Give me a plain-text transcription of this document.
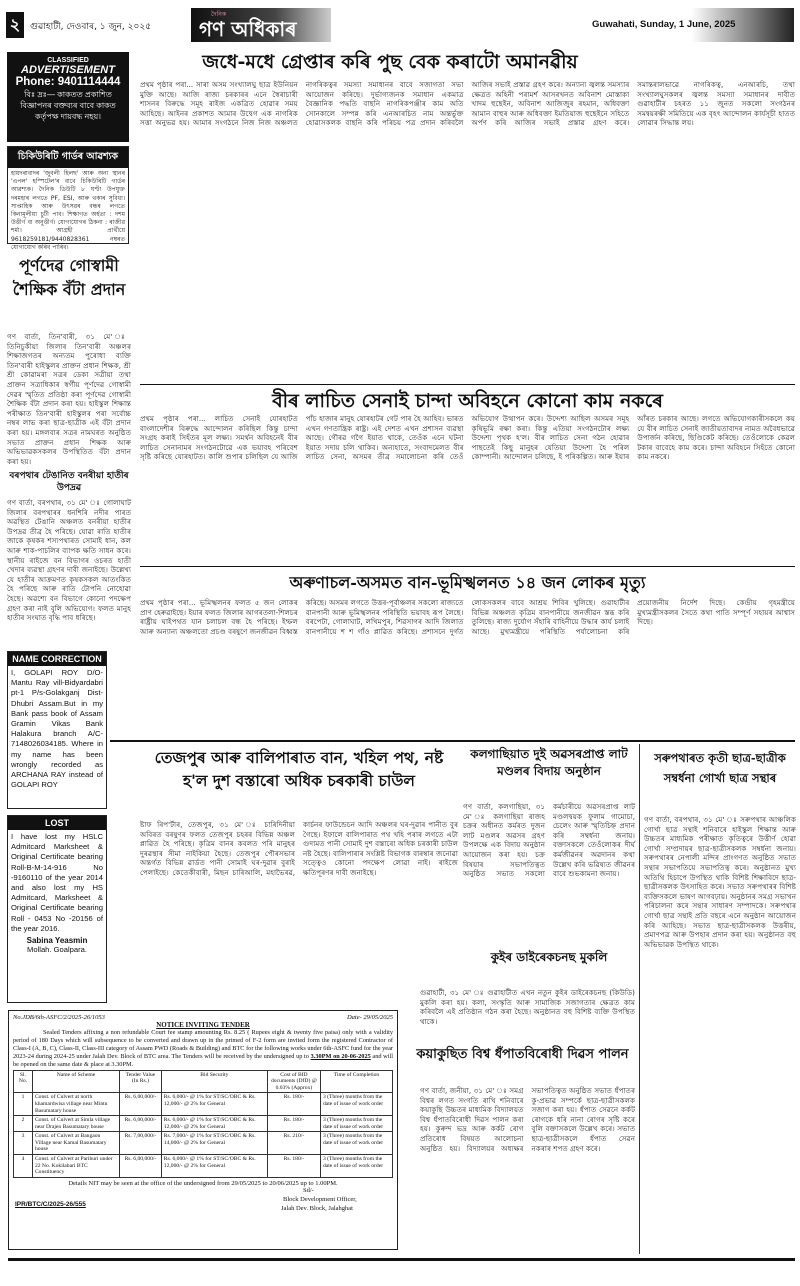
২	গুৱাহাটী, দেওবাৰ, ১ জুন, ২০২৫
দৈনিক
গণ অধিকাৰ	Guwahati, Sunday, 1 June, 2025
CLASSIFIED
ADVERTISEMENT
Phone: 9401114444
বিঃ দ্ৰঃ— কাকতত প্ৰকাশিত বিজ্ঞাপনৰ বক্তব্যৰ বাবে কাকত কৰ্তৃপক্ষ দায়বদ্ধ নহয়।
চিকিউৰিটি গাৰ্ডৰ আৱশ্যক
হায়দৰাবাদৰ 'জুবলী হিলছ' আৰু অন্য স্থানৰ 'এপল' হস্পিটেল'ৰ বাবে চিকিউৰিটি গাৰ্ডৰ আৱশ্যক। দৈনিক ডিউটি ৮ ঘণ্টা উপযুক্ত দৰমহাৰ লগতে PF, ESI, আৰু থকাৰ সুবিধা। সাপ্তাহিক আৰু উৎসৱৰ বন্ধৰ লগতে কিনামূলীয়া চুটী পাব। শিক্ষাগত অৰ্হতা : দশম উত্তীৰ্ণ বা অনুত্তীৰ্ণ। যোগাযোগৰ ঠিকনা : ৰাজীৱ শৰ্মা। আগ্ৰহী প্ৰাৰ্থীয়ে 9618259181/9440828361 নম্বৰত যোগাযোগ কৰিব পাৰিব।
পূৰ্ণদেৱ গোস্বামী শৈক্ষিক বঁটা প্ৰদান
গণ বাৰ্তা, তিন'বাৰী, ৩১ মে' ঃ তিনিচুকীয়া জিলাৰ তিন'বাৰী অঞ্চলৰ শিক্ষাজগতৰ অন্যতম পুৰোধা ব্যক্তি তিন'বাৰী হাইস্কুলৰ প্ৰাক্তন প্ৰধান শিক্ষক, শ্ৰী শ্ৰী কোৱামৰা সত্ৰৰ ডেকা সত্ৰীয়া তথা প্ৰাক্তন সত্ৰাধিকাৰ স্বৰ্গীয় পূৰ্ণদেৱ গোস্বামী দেৱৰ স্মৃতিত প্ৰতিষ্ঠা কৰা পূৰ্ণদেৱ গোস্বামী শৈক্ষিক বঁটা প্ৰদান কৰা হয়। হাইস্কুল শিক্ষান্ত পৰীক্ষাত তিন'বাৰী হাইস্কুলৰ পৰা সৰ্বোচ্চ নম্বৰ লাভ কৰা ছাত্ৰ-ছাত্ৰীক এই বঁটা প্ৰদান কৰা হয়। মঙ্গলবাৰ সত্ৰৰ নামঘৰত অনুষ্ঠিত সভাত প্ৰাক্তন প্ৰধান শিক্ষক আৰু অভিভাৱকসকলৰ উপস্থিতিত বঁটা প্ৰদান কৰা হয়।
বৰপথাৰ টেঙানিত বনৰীয়া হাতীৰ উপদ্ৰৱ
গণ বাৰ্তা, বৰপথাৰ, ৩১ মে' ঃ গোলাঘাট জিলাৰ বৰপথাৰৰ ধনশিৰি নদীৰ পাৰত অৱস্থিত টেঙানি অঞ্চলত বনৰীয়া হাতীৰ উপদ্ৰৱ তীব্ৰ হৈ পৰিছে। যোৱা ৰাতি হাতীৰ জাকে কৃষকৰ শস্যপথাৰত সোমাই ধান, কল আৰু শাক-পাচলিৰ ব্যাপক ক্ষতি সাধন কৰে। স্থানীয় ৰাইজে বন বিভাগৰ ওচৰত হাতী খেদাৰ ব্যৱস্থা গ্ৰহণৰ দাবী জনাইছে। উল্লেখ্য যে হাতীৰ আক্ৰমণত কৃষকসকল আতংকিত হৈ পৰিছে আৰু ৰাতি টোপনি নোহোৱা হৈছে। অৱশ্যে বন বিভাগে কোনো পদক্ষেপ গ্ৰহণ কৰা নাই বুলি অভিযোগ। ফলত মানুহ হাতীৰ সংঘাত বৃদ্ধি পাব ধৰিছে।
NAME CORRECTION
I, GOLAPI ROY D/O-Mantu Ray vill-Bidyardabri pt-1 P/s-Golakganj Dist-Dhubri Assam.But in my Bank pass book of Assam Gramin Vikas Bank Halakura branch A/C-7148026034185. Where in my name has been wrongly recorded as ARCHANA RAY instead of GOLAPI ROY
LOST
I have lost my HSLC Admitcard Marksheet & Original Certificate bearing Roll-B-M-14-916 No -9160110 of the year 2014 and also lost my HS Admitcard, Marksheet & Original Certificate bearing Roll - 0453 No -20156 of the year 2016.
Sabina Yeasmin
Mollah. Goalpara.
জধে-মধে গ্ৰেপ্তাৰ কৰি পুছ বেক কৰাটো অমানৱীয়
প্ৰথম পৃষ্ঠাৰ পৰা... সাৰা অসম সংখ্যালঘু ছাত্ৰ ইউনিয়ন মুক্তি আছে। আজি ৰাজ্য চৰকাৰৰ এনে স্বৈৰাচাৰী শাসনৰ বিৰুদ্ধে সমূহ ৰাইজ একত্ৰিত হোৱাৰ সময় আহিছে। আইনৰ প্ৰকাশত আমাৰ উদ্বেগ এক নাগৰিক সত্তা অনুভৱ হয়। আমাৰ সংগঠনে নিজ নিজ অঞ্চলত নাগৰিকত্বৰ সমস্যা সমাধানৰ বাবে সজাগতা সভা আয়োজন কৰিছে। দুৰ্ভাগ্যজনক সমাধান একমাত্ৰ বৈজ্ঞানিক পদ্ধতি বাছনি নাগৰিকপঞ্জীৰ কাম অতি সোনকালে সম্পন্ন কৰি এনআৰচিত নাম অন্তৰ্ভুক্ত হোৱাসকলক বাছনি কৰি পৰিচয় পত্ৰ প্ৰদান কৰিবলৈ আজিৰ সভাই প্ৰস্তাৱ গ্ৰহণ কৰে। অন্যান্য জ্বলন্ত সমস্যাৰ ক্ষেত্ৰত অহিনী পৰামৰ্শ আসৰখনত অবিনাশ মোস্তাকা খাদম হুছেইন, অবিনাশ আজিজুৰ ৰহমান, অধিবক্তা আমান বাহুৰ আৰু অধিবক্তা ইমতিয়াজ হুছেইনে সহিতে অৰ্পণ কৰি আজিৰ সভাই প্ৰস্তাৱ গ্ৰহণ কৰে। সমান্তৰালভাৱে নাগৰিকত্ব, এনআৰচি, তথা সংখ্যালঘুসকলৰ জ্বলন্ত সমস্যা সমাধানৰ দাবীত গুৱাহাটীৰ চহৰত ১১ জুনত সকলো সংগঠনৰ সমন্বয়ৰক্ষী সমিতিয়ে এক বৃহৎ আন্দোলন কাৰ্যসূচী হাতত লোৱাৰ সিদ্ধান্ত লয়।
বীৰ লাচিত সেনাই চান্দা অবিহনে কোনো কাম নকৰে
প্ৰথম পৃষ্ঠাৰ পৰা... লাচিত সেনাই যোৰহাটত বাংলাদেশীৰ বিৰুদ্ধে আন্দোলন কৰিছিল কিন্তু চান্দা সংগ্ৰহ কৰাই সিহঁতৰ মূল লক্ষ্য। সমৰ্থন অবিহনেই বীৰ লাচিত সেনানামৰ সংগঠনটোৱে এক ভয়াবহ পৰিবেশ সৃষ্টি কৰিছে যোৰহাটত। কালি শুপাৰ চলিছিল যে আজি পাঁচ হাজাৰ মানুহ যোৰহাটৰ গেট পাৰ হৈ আহিব। ভাৰত এখন গণতান্ত্ৰিক ৰাষ্ট্ৰ। এই দেশত এখন প্ৰশাসন ব্যৱস্থা আছে। গৌৰৱ গগৈ ইয়াত থাকে, তেওঁক এনে ঘটনা ইয়াত সদায় চলি থাকিব। অন্যহাতে, সংবাদমেলত বীৰ লাচিত সেনা, অসমৰ তীব্ৰ সমালোচনা কৰি তেওঁ অভিযোগ উত্থাপন কৰে। উদ্দেশ্য আছিল অসমৰ সমূহ কৃষিভূমি ৰক্ষা কৰা। কিন্তু এতিয়া সংগঠনটোৰ লক্ষ্য উদ্দেশ্য পৃথক হ'ল। বীৰ লাচিত সেনা গঠন হোৱাৰ পাছতেই কিছু মানুহৰ যেতিয়া উদ্দেশ্য হৈ পৰিল কোম্পানী। আন্দোলন চলিছে, ই পৰিকল্পিত। আৰু ইয়াৰ আঁৰত চৰকাৰ আছে। লগতে অভিযোগকাৰীসকলে কয় যে বীৰ লাচিত সেনাই জাতীয়তাবাদৰ নামত অবৈধভাৱে উপাৰ্জন কৰিছে, ছিণ্ডিকেট কৰিছে। তেওঁলোকে কেৱল টকাৰ বাবেহে কাম কৰে। চান্দা অবিহনে সিহঁতে কোনো কাম নকৰে।
অৰুণাচল-অসমত বান-ভূমিস্খলনত ১৪ জন লোকৰ মৃত্যু
প্ৰথম পৃষ্ঠাৰ পৰা... ভূমিস্খলনৰ ফলত ৫ জন লোকৰ প্ৰাণ হেৰুৱাইছে। ইয়াৰ ফলত জিলাৰ আগৰতলা-শিলচৰ ৰাষ্ট্ৰীয় ঘাইপথত যান চলাচল বন্ধ হৈ পৰিছে। ইম্ফল আৰু অন্যান্য অঞ্চলতো প্ৰচণ্ড বৰষুণে জনজীৱন বিধ্বস্ত কৰিছে। অসমৰ লগতে উত্তৰ-পূৰ্বাঞ্চলৰ সকলো ৰাজ্যতে বানপানী আৰু ভূমিস্খলনৰ পৰিস্থিতি ভয়াবহ ৰূপ লৈছে। বৰপেটা, গোলাঘাট, লখিমপুৰ, শিৱসাগৰ আদি জিলাত বানপানীয়ে শ শ গাঁও প্লাৱিত কৰিছে। প্ৰশাসনে দুৰ্গত লোকসকলৰ বাবে আশ্ৰয় শিবিৰ খুলিছে। গুৱাহাটীৰ বিভিন্ন অঞ্চলত কৃত্ৰিম বানপানীয়ে জনজীৱন স্তব্ধ কৰি তুলিছে। ৰাজ্য দুৰ্যোগ সঁহাৰি বাহিনীয়ে উদ্ধাৰ কাৰ্য চলাই আছে। মুখ্যমন্ত্ৰীয়ে পৰিস্থিতি পৰ্যালোচনা কৰি প্ৰয়োজনীয় নিৰ্দেশ দিছে। কেন্দ্ৰীয় গৃহমন্ত্ৰীয়ে মুখ্যমন্ত্ৰীসকলৰ সৈতে কথা পাতি সম্পূৰ্ণ সহায়ৰ আশ্বাস দিছে।
তেজপুৰ আৰু বালিপাৰাত বান, খহিল পথ, নষ্ট হ'ল দুশ বস্তাৰো অধিক চৰকাৰী চাউল
ষ্টাফ ৰিপ'ৰ্টাৰ, তেজপুৰ, ৩১ মে' ঃ চাৰিদিনীয়া অবিৰত বৰষুণৰ ফলত তেজপুৰ চহৰৰ বিভিন্ন অঞ্চল প্লাৱিত হৈ পৰিছে। কৃত্ৰিম বানৰ কবলত পৰি মানুহৰ দুৰৱস্থাৰ সীমা নাইকিয়া হৈছে। তেজপুৰ পৌৰসভাৰ অন্তৰ্গত বিভিন্ন ৱাৰ্ডত পানী সোমাই ঘৰ-দুৱাৰ বুৰাই পেলাইছে। কেতেকীবাৰী, মিছন চাৰিআলি, মহাভৈৰৱ, কাৰ্চনৰ ফাউন্ডেচন আদি অঞ্চলৰ ঘৰ-দুৱাৰ পানীত বুৰ গৈছে। ইফালে বালিপাৰাত পথ খহি পৰাৰ লগতে এটা গুদামত পানী সোমাই দুশ বস্তাৰো অধিক চৰকাৰী চাউল নষ্ট হৈছে। বালিপাৰাৰ সংশ্লিষ্ট বিভাগক বাৰম্বাৰ জনোৱা সত্ত্বেও কোনো পদক্ষেপ লোৱা নাই। ৰাইজে ক্ষতিপূৰণৰ দাবী জনাইছে।
কলগাছিয়াত দুই অৱসৰপ্ৰাপ্ত লাট মণ্ডলৰ বিদায় অনুষ্ঠান
গণ বাৰ্তা, কলগাছিয়া, ৩১ মে' ঃ কলগাছিয়া ৰাজহ চক্ৰৰ অধীনত কৰ্মৰত দুজন লাট মণ্ডলৰ অৱসৰ গ্ৰহণ উপলক্ষে এক বিদায় অনুষ্ঠান আয়োজন কৰা হয়। চক্ৰ বিষয়াৰ সভাপতিত্বত অনুষ্ঠিত সভাত সকলো কৰ্মচাৰীয়ে অৱসৰপ্ৰাপ্ত লাট মণ্ডলদ্বয়ক ফুলাম গামোচা, চেলেং আৰু স্মৃতিচিহ্ন প্ৰদান কৰি সম্বৰ্ধনা জনায়। বক্তাসকলে তেওঁলোকৰ দীৰ্ঘ কৰ্মজীৱনৰ অৱদানৰ কথা উল্লেখ কৰি ভৱিষ্যত জীৱনৰ বাবে শুভকামনা জনায়।
কুইৰ ডাইৰেকচনছ মুকলি
গুৱাহাটী, ৩১ মে' ঃ গুৱাহাটীত এখন নতুন কুইৰ ডাইৰেকচনছ (কিউডি) মুকলি কৰা হয়। কলা, সংস্কৃতি আৰু সামাজিক সজাগতাৰ ক্ষেত্ৰত কাম কৰিবলৈ এই প্ৰতিষ্ঠান গঠন কৰা হৈছে। অনুষ্ঠানত বহু বিশিষ্ট ব্যক্তি উপস্থিত থাকে।
কয়াকুছিত বিশ্ব ধঁপাতবিৰোধী দিৱস পালন
গণ বাৰ্তা, জনীয়া, ৩১ মে' ঃ সমগ্ৰ বিশ্বৰ লগত সংগতি ৰাখি শনিবাৰে কয়াকুছি উচ্চতৰ মাধ্যমিক বিদ্যালয়ত বিশ্ব ধঁপাতবিৰোধী দিৱস পালন কৰা হয়। কুৰুন্দ ভদ্ৰ আৰু কৰ্কট ৰোগ প্ৰতিৰোধ বিষয়ত আলোচনা অনুষ্ঠিত হয়। বিদ্যালয়ৰ অধ্যক্ষৰ সভাপতিত্বত অনুষ্ঠিত সভাত ধঁপাতৰ কু-প্ৰভাৱ সম্পৰ্কে ছাত্ৰ-ছাত্ৰীসকলক সজাগ কৰা হয়। ধঁপাত সেৱনে কৰ্কট ৰোগকে ধৰি নানা ৰোগৰ সৃষ্টি কৰে বুলি বক্তাসকলে উল্লেখ কৰে। সভাত ছাত্ৰ-ছাত্ৰীসকলে ধঁপাত সেৱন নকৰাৰ শপত গ্ৰহণ কৰে।
সৰুপথাৰত কৃতী ছাত্ৰ-ছাত্ৰীক সম্বৰ্ধনা গোৰ্খা ছাত্ৰ সন্থাৰ
গণ বাৰ্তা, বৰপথাৰ, ৩১ মে' ঃ সৰুপথাৰ আঞ্চলিক গোৰ্খা ছাত্ৰ সন্থাই শনিবাৰে হাইস্কুল শিক্ষান্ত আৰু উচ্চতৰ মাধ্যমিক পৰীক্ষাত কৃতিত্বৰে উত্তীৰ্ণ হোৱা গোৰ্খা সম্প্ৰদায়ৰ ছাত্ৰ-ছাত্ৰীসকলক সম্বৰ্ধনা জনায়। সৰুপথাৰৰ নেপালী মন্দিৰ প্ৰাংগণত অনুষ্ঠিত সভাত সন্থাৰ সভাপতিয়ে সভাপতিত্ব কৰে। অনুষ্ঠানত মুখ্য অতিথি হিচাপে উপস্থিত থাকি বিশিষ্ট শিক্ষাবিদে ছাত্ৰ-ছাত্ৰীসকলক উৎসাহিত কৰে। সভাত সৰুপথাৰৰ বিশিষ্ট ব্যক্তিসকলে ভাষণ আগবঢ়ায়। অনুষ্ঠানৰ সমগ্ৰ সভাখন পৰিচালনা কৰে সন্থাৰ সাধাৰণ সম্পাদকে। সৰুপথাৰ গোৰ্খা ছাত্ৰ সন্থাই প্ৰতি বছৰে এনে অনুষ্ঠান আয়োজন কৰি আহিছে। সভাত ছাত্ৰ-ছাত্ৰীসকলক উত্তৰীয়, প্ৰমাণপত্ৰ আৰু উপহাৰ প্ৰদান কৰা হয়। অনুষ্ঠানত বহু অভিভাৱক উপস্থিত থাকে।
No.JDB/6th-ASFC/2/2025-26/1053	Date- 29/05/2025
NOTICE INVITING TENDER
Sealed Tenders affixing a non refundable Court fee stamp amounting Rs. 8.25 ( Rupees eight & twenty five paisa) only with a validity period of 180 Days which will subsequence to be converted and drawn up in the primed of F-2 form are invited form the registered Contractor of Class-I (A, B, C), Class-II, Class-III category of Assam PWD (Roads & Building) and BTC for the following works under 6th-ASFC fund for the year 2023-24 during 2024-25 under Jalah Dev. Block of BTC area. The Tenders will be received by the undersigned up to 3.30PM on 20-06-2025 and will be opened on the same date & place at 3.30PM.
Sl. No.	Name of Scheme	Tender Value (In Rs.)	Bid Security	Cost of BID documents (DfD) @ 0.03% (Approx)	Time of Completion
1	Const. of Culvert at north khamardwisa village near Mintu Basumatary house	Rs. 6,00,000/-	Rs. 6,000/- @ 1% for ST/SC/OBC & Rs. 12,000/- @ 2% for General	Rs. 180/-	3 (Three) months from the date of issue of work order
2	Const. of Culvert at Simla village near Drajen Basumatary house	Rs. 6,00,000/-	Rs. 6,000/- @ 1% for ST/SC/OBC & Rs. 12,000/- @ 2% for General	Rs. 180/-	3 (Three) months from the date of issue of work order
3	Const. of Culvert at Bangaon Village near Kamal Basumatary house	Rs. 7,00,000/-	Rs. 7,000/- @ 1% for ST/SC/OBC & Rs. 14,000/- @ 2% for General	Rs. 210/-	3 (Three) months from the date of issue of work order
4	Const. of Culvert at Pariburi under 22 No. Kokilabari BTC Constituency	Rs. 6,00,000/-	Rs. 6,000/- @ 1% for ST/SC/OBC & Rs. 12,000/- @ 2% for General	Rs. 180/-	3 (Three) months from the date of issue of work order
Details NIT may be seen at the office of the undersigned from 29/05/2025 to 20/06/2025 up to 1.00PM.
Sd/-
Block Development Officer,
Jalah Dev. Block, Jalahghat
IPR/BTC/C/2025-26/555
